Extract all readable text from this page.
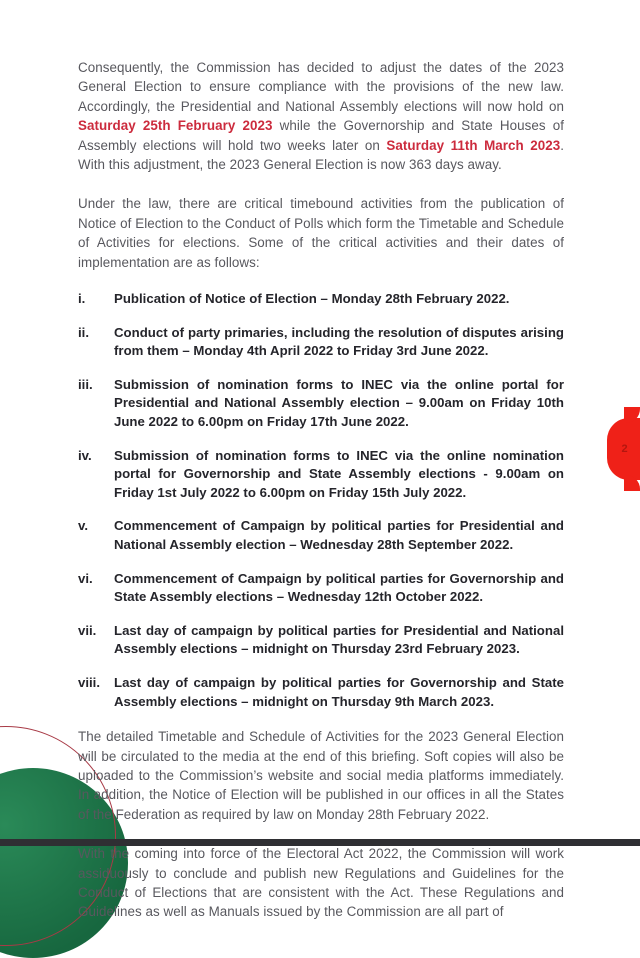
2

Consequently, the Commission has decided to adjust the dates of the 2023 General Election to ensure compliance with the provisions of the new law. Accordingly, the Presidential and National Assembly elections will now hold on Saturday 25th February 2023 while the Governorship and State Houses of Assembly elections will hold two weeks later on Saturday 11th March 2023. With this adjustment, the 2023 General Election is now 363 days away.

Under the law, there are critical timebound activities from the publication of Notice of Election to the Conduct of Polls which form the Timetable and Schedule of Activities for elections. Some of the critical activities and their dates of implementation are as follows:

i.	Publication of Notice of Election – Monday 28th February 2022.
ii.	Conduct of party primaries, including the resolution of disputes arising from them – Monday 4th April 2022 to Friday 3rd June 2022.
iii.	Submission of nomination forms to INEC via the online portal for Presidential and National Assembly election – 9.00am on Friday 10th June 2022 to 6.00pm on Friday 17th June 2022.
iv.	Submission of nomination forms to INEC via the online nomination portal for Governorship and State Assembly elections - 9.00am on Friday 1st July 2022 to 6.00pm on Friday 15th July 2022.
v.	Commencement of Campaign by political parties for Presidential and National Assembly election – Wednesday 28th September 2022.
vi.	Commencement of Campaign by political parties for Governorship and State Assembly elections – Wednesday 12th October 2022.
vii.	Last day of campaign by political parties for Presidential and National Assembly elections – midnight on Thursday 23rd February 2023.
viii.	Last day of campaign by political parties for Governorship and State Assembly elections – midnight on Thursday 9th March 2023.

The detailed Timetable and Schedule of Activities for the 2023 General Election will be circulated to the media at the end of this briefing. Soft copies will also be uploaded to the Commission’s website and social media platforms immediately. In addition, the Notice of Election will be published in our offices in all the States of the Federation as required by law on Monday 28th February 2022.

With the coming into force of the Electoral Act 2022, the Commission will work assiduously to conclude and publish new Regulations and Guidelines for the Conduct of Elections that are consistent with the Act. These Regulations and Guidelines as well as Manuals issued by the Commission are all part of
